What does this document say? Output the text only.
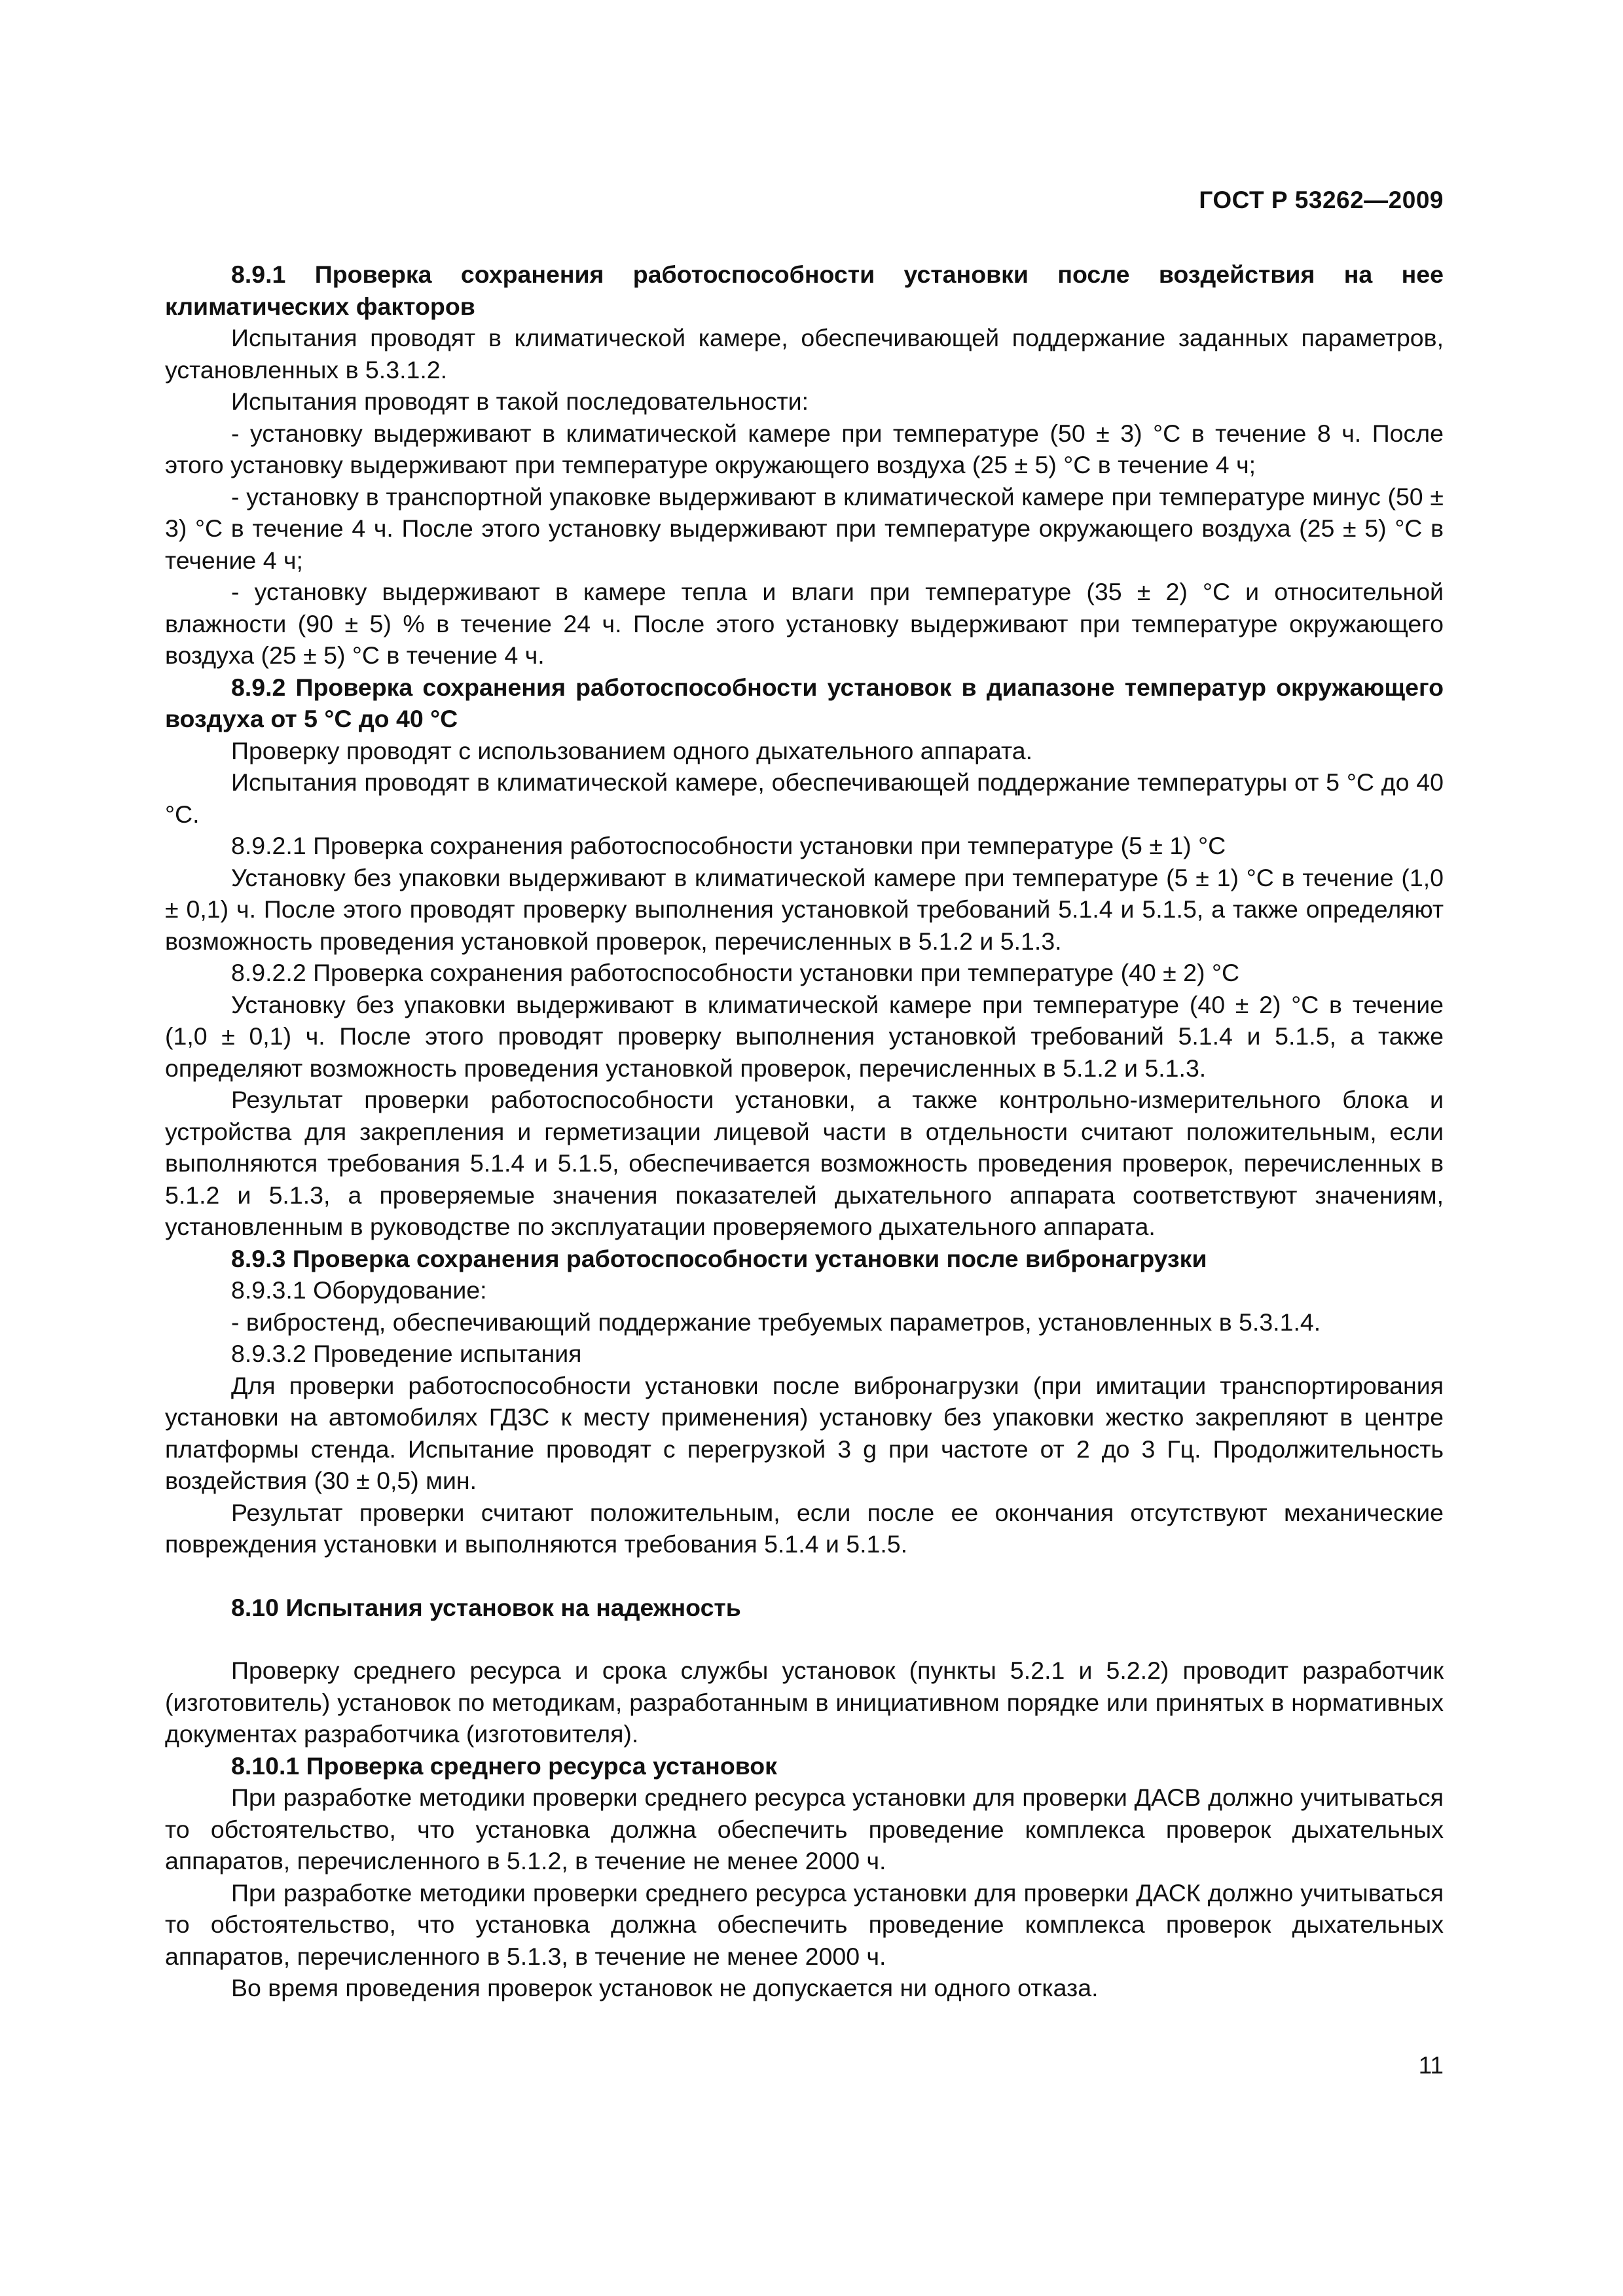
ГОСТ Р 53262—2009

8.9.1 Проверка сохранения работоспособности установки после воздействия на нее климатических факторов

Испытания проводят в климатической камере, обеспечивающей поддержание заданных параметров, установленных в 5.3.1.2.

Испытания проводят в такой последовательности:

- установку выдерживают в климатической камере при температуре (50 ± 3) °С в течение 8 ч. После этого установку выдерживают при температуре окружающего воздуха (25 ± 5) °С в течение 4 ч;

- установку в транспортной упаковке выдерживают в климатической камере при температуре минус (50 ± 3) °С в течение 4 ч. После этого установку выдерживают при температуре окружающего воздуха (25 ± 5) °С в течение 4 ч;

- установку выдерживают в камере тепла и влаги при температуре (35 ± 2) °С и относительной влажности (90 ± 5) % в течение 24 ч. После этого установку выдерживают при температуре окружающего воздуха (25 ± 5) °С в течение 4 ч.

8.9.2 Проверка сохранения работоспособности установок в диапазоне температур окружающего воздуха от 5 °С до 40 °С

Проверку проводят с использованием одного дыхательного аппарата.

Испытания проводят в климатической камере, обеспечивающей поддержание температуры от 5 °С до 40 °С.

8.9.2.1 Проверка сохранения работоспособности установки при температуре (5 ± 1) °С

Установку без упаковки выдерживают в климатической камере при температуре (5 ± 1) °С в течение (1,0 ± 0,1) ч. После этого проводят проверку выполнения установкой требований 5.1.4 и 5.1.5, а также определяют возможность проведения установкой проверок, перечисленных в 5.1.2 и 5.1.3.

8.9.2.2 Проверка сохранения работоспособности установки при температуре (40 ± 2) °С

Установку без упаковки выдерживают в климатической камере при температуре (40 ± 2) °С в течение (1,0 ± 0,1) ч. После этого проводят проверку выполнения установкой требований 5.1.4 и 5.1.5, а также определяют возможность проведения установкой проверок, перечисленных в 5.1.2 и 5.1.3.

Результат проверки работоспособности установки, а также контрольно-измерительного блока и устройства для закрепления и герметизации лицевой части в отдельности считают положительным, если выполняются требования 5.1.4 и 5.1.5, обеспечивается возможность проведения проверок, перечисленных в 5.1.2 и 5.1.3, а проверяемые значения показателей дыхательного аппарата соответствуют значениям, установленным в руководстве по эксплуатации проверяемого дыхательного аппарата.

8.9.3 Проверка сохранения работоспособности установки после вибронагрузки

8.9.3.1 Оборудование:

- вибростенд, обеспечивающий поддержание требуемых параметров, установленных в 5.3.1.4.

8.9.3.2 Проведение испытания

Для проверки работоспособности установки после вибронагрузки (при имитации транспортирования установки на автомобилях ГДЗС к месту применения) установку без упаковки жестко закрепляют в центре платформы стенда. Испытание проводят с перегрузкой 3 g при частоте от 2 до 3 Гц. Продолжительность воздействия (30 ± 0,5) мин.

Результат проверки считают положительным, если после ее окончания отсутствуют механические повреждения установки и выполняются требования 5.1.4 и 5.1.5.

8.10 Испытания установок на надежность

Проверку среднего ресурса и срока службы установок (пункты 5.2.1 и 5.2.2) проводит разработчик (изготовитель) установок по методикам, разработанным в инициативном порядке или принятых в нормативных документах разработчика (изготовителя).

8.10.1 Проверка среднего ресурса установок

При разработке методики проверки среднего ресурса установки для проверки ДАСВ должно учитываться то обстоятельство, что установка должна обеспечить проведение комплекса проверок дыхательных аппаратов, перечисленного в 5.1.2, в течение не менее 2000 ч.

При разработке методики проверки среднего ресурса установки для проверки ДАСК должно учитываться то обстоятельство, что установка должна обеспечить проведение комплекса проверок дыхательных аппаратов, перечисленного в 5.1.3, в течение не менее 2000 ч.

Во время проведения проверок установок не допускается ни одного отказа.

11
